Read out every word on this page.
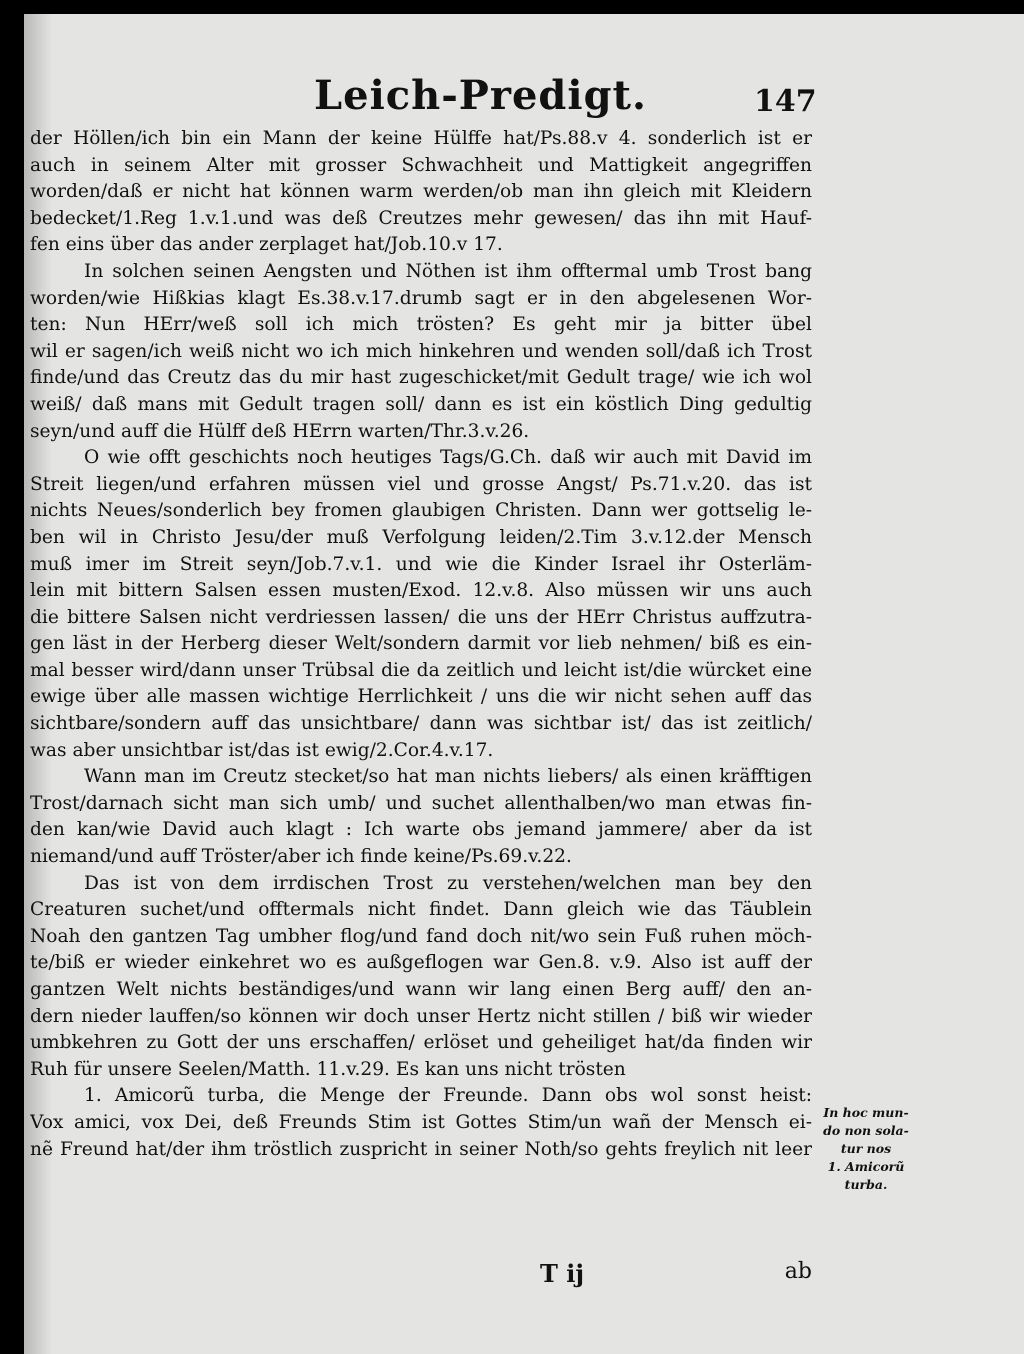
Leich-Predigt.	147
der Höllen/ich bin ein Mann der keine Hülffe hat/Ps.88.v 4. sonderlich ist er
auch in seinem Alter mit grosser Schwachheit und Mattigkeit angegriffen
worden/daß er nicht hat können warm werden/ob man ihn gleich mit Kleidern
bedecket/1.Reg 1.v.1.und was deß Creutzes mehr gewesen/ das ihn mit Hauf-
fen eins über das ander zerplaget hat/Job.10.v 17.
In solchen seinen Aengsten und Nöthen ist ihm offtermal umb Trost bang
worden/wie Hißkias klagt Es.38.v.17.drumb sagt er in den abgelesenen Wor-
ten: Nun HErr/weß soll ich mich trösten? Es geht mir ja bitter übel
wil er sagen/ich weiß nicht wo ich mich hinkehren und wenden soll/daß ich Trost
finde/und das Creutz das du mir hast zugeschicket/mit Gedult trage/ wie ich wol
weiß/ daß mans mit Gedult tragen soll/ dann es ist ein köstlich Ding gedultig
seyn/und auff die Hülff deß HErrn warten/Thr.3.v.26.
O wie offt geschichts noch heutiges Tags/G.Ch. daß wir auch mit David im
Streit liegen/und erfahren müssen viel und grosse Angst/ Ps.71.v.20. das ist
nichts Neues/sonderlich bey fromen glaubigen Christen. Dann wer gottselig le-
ben wil in Christo Jesu/der muß Verfolgung leiden/2.Tim 3.v.12.der Mensch
muß imer im Streit seyn/Job.7.v.1. und wie die Kinder Israel ihr Osterläm-
lein mit bittern Salsen essen musten/Exod. 12.v.8. Also müssen wir uns auch
die bittere Salsen nicht verdriessen lassen/ die uns der HErr Christus auffzutra-
gen läst in der Herberg dieser Welt/sondern darmit vor lieb nehmen/ biß es ein-
mal besser wird/dann unser Trübsal die da zeitlich und leicht ist/die würcket eine
ewige über alle massen wichtige Herrlichkeit / uns die wir nicht sehen auff das
sichtbare/sondern auff das unsichtbare/ dann was sichtbar ist/ das ist zeitlich/
was aber unsichtbar ist/das ist ewig/2.Cor.4.v.17.
Wann man im Creutz stecket/so hat man nichts liebers/ als einen kräfftigen
Trost/darnach sicht man sich umb/ und suchet allenthalben/wo man etwas fin-
den kan/wie David auch klagt : Ich warte obs jemand jammere/ aber da ist
niemand/und auff Tröster/aber ich finde keine/Ps.69.v.22.
Das ist von dem irrdischen Trost zu verstehen/welchen man bey den
Creaturen suchet/und offtermals nicht findet. Dann gleich wie das Täublein
Noah den gantzen Tag umbher flog/und fand doch nit/wo sein Fuß ruhen möch-
te/biß er wieder einkehret wo es außgeflogen war Gen.8. v.9. Also ist auff der
gantzen Welt nichts beständiges/und wann wir lang einen Berg auff/ den an-
dern nieder lauffen/so können wir doch unser Hertz nicht stillen / biß wir wieder
umbkehren zu Gott der uns erschaffen/ erlöset und geheiliget hat/da finden wir
Ruh für unsere Seelen/Matth. 11.v.29. Es kan uns nicht trösten
1. Amicorũ turba, die Menge der Freunde. Dann obs wol sonst heist:
Vox amici, vox Dei, deß Freunds Stim ist Gottes Stim/un wañ der Mensch ei-
nẽ Freund hat/der ihm tröstlich zuspricht in seiner Noth/so gehts freylich nit leer
T ij	ab
In hoc mun-
do non sola-
tur nos
1. Amicorũ
turba.
